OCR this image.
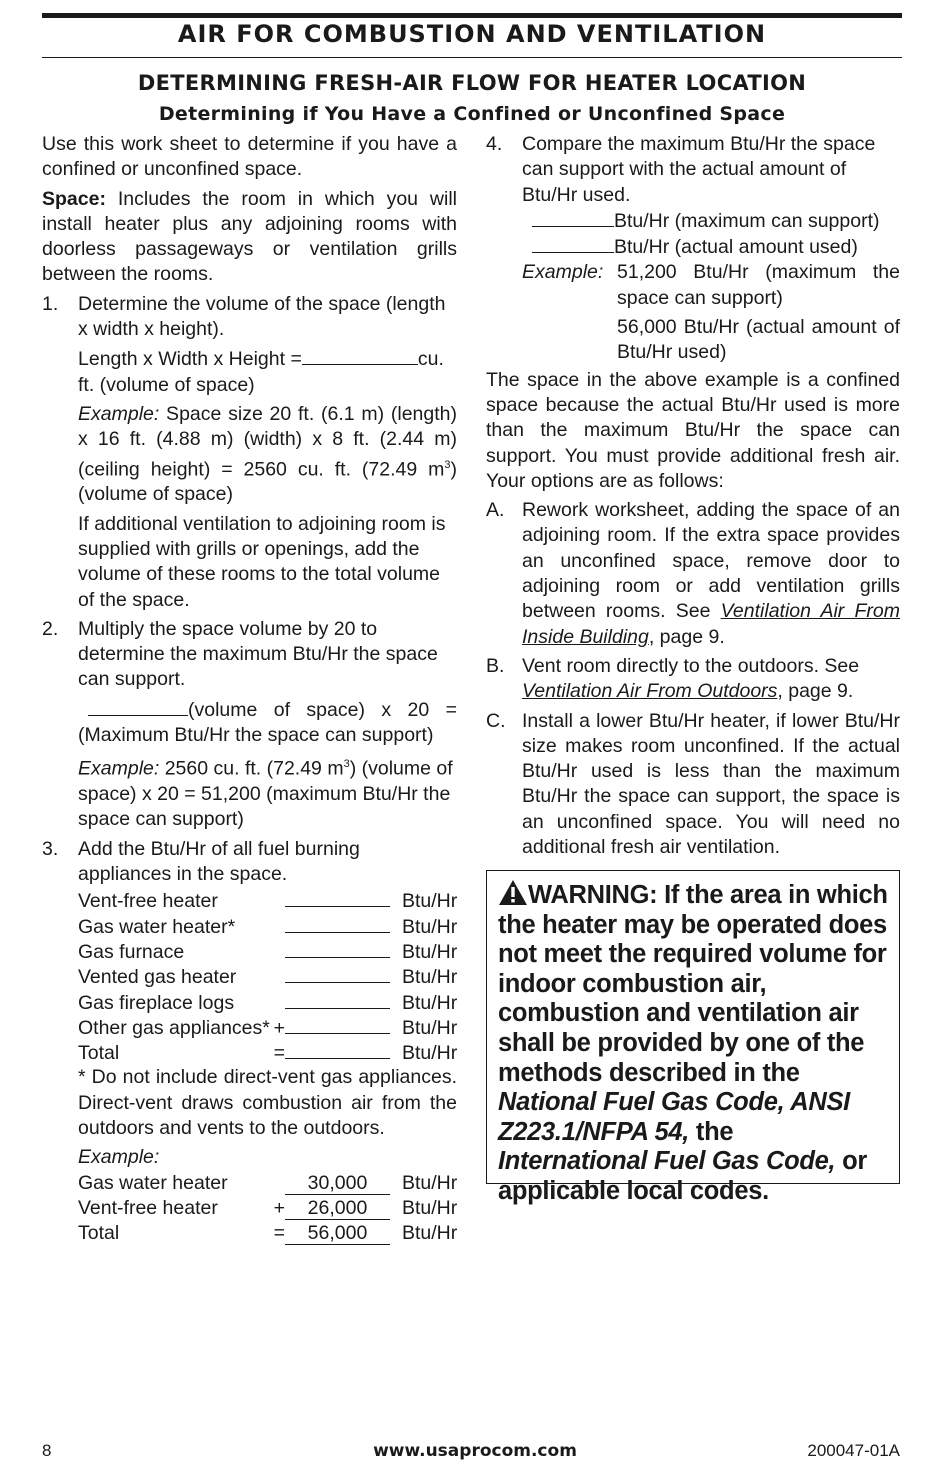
AIR FOR COMBUSTION AND VENTILATION
DETERMINING FRESH-AIR FLOW FOR HEATER LOCATION
Determining if You Have a Confined or Unconfined Space

Use this work sheet to determine if you have a confined or unconfined space.

Space: Includes the room in which you will install heater plus any adjoining rooms with doorless passageways or ventilation grills between the rooms.

1.	Determine the volume of the space (length x width x height).

Length x Width x Height =	cu. ft. (volume of space)

Example: Space size 20 ft. (6.1 m) (length) x 16 ft. (4.88 m) (width) x 8 ft. (2.44 m) (ceiling height) = 2560 cu. ft. (72.49 $m^3$) (volume of space)

If additional ventilation to adjoining room is supplied with grills or openings, add the volume of these rooms to the total volume of the space.

2.	Multiply the space volume by 20 to determine the maximum Btu/Hr the space can support.

(volume of space) x 20 = (Maximum Btu/Hr the space can support)

Example: 2560 cu. ft. (72.49 $m^3$) (volume of space) x 20 = 51,200 (maximum Btu/Hr the space can support)

3.	Add the Btu/Hr of all fuel burning appliances in the space.
Vent-free heater	Btu/Hr
Gas water heater*	Btu/Hr
Gas furnace	Btu/Hr
Vented gas heater	Btu/Hr
Gas fireplace logs	Btu/Hr
Other gas appliances* +	Btu/Hr
Total	=	Btu/Hr

* Do not include direct-vent gas appliances. Direct-vent draws combustion air from the outdoors and vents to the outdoors.

Example:

Gas water heater	30,000	Btu/Hr
Vent-free heater	+	26,000	Btu/Hr
Total	=	56,000	Btu/Hr
4.	Compare the maximum Btu/Hr the space can support with the actual amount of Btu/Hr used.
Btu/Hr (maximum can support)
Btu/Hr (actual amount used)
Example: 51,200 Btu/Hr (maximum the space can support)
56,000 Btu/Hr (actual amount of Btu/Hr used)

The space in the above example is a confined space because the actual Btu/Hr used is more than the maximum Btu/Hr the space can support. You must provide additional fresh air. Your options are as follows:

A. Rework worksheet, adding the space of an adjoining room. If the extra space provides an unconfined space, remove door to adjoining room or add ventilation grills between rooms. See Ventilation Air From Inside Building, page 9.
B. Vent room directly to the outdoors. See Ventilation Air From Outdoors, page 9.
C. Install a lower Btu/Hr heater, if lower Btu/Hr size makes room unconfined. If the actual Btu/Hr used is less than the maximum Btu/Hr the space can support, the space is an unconfined space. You will need no additional fresh air ventilation.
WARNING: If the area in which the heater may be operated does not meet the required volume for indoor combustion air, combustion and ventilation air shall be provided by one of the methods described in the National Fuel Gas Code, ANSI Z223.1/NFPA 54, the International Fuel Gas Code, or applicable local codes.
8	www.usaprocom.com	200047-01A
